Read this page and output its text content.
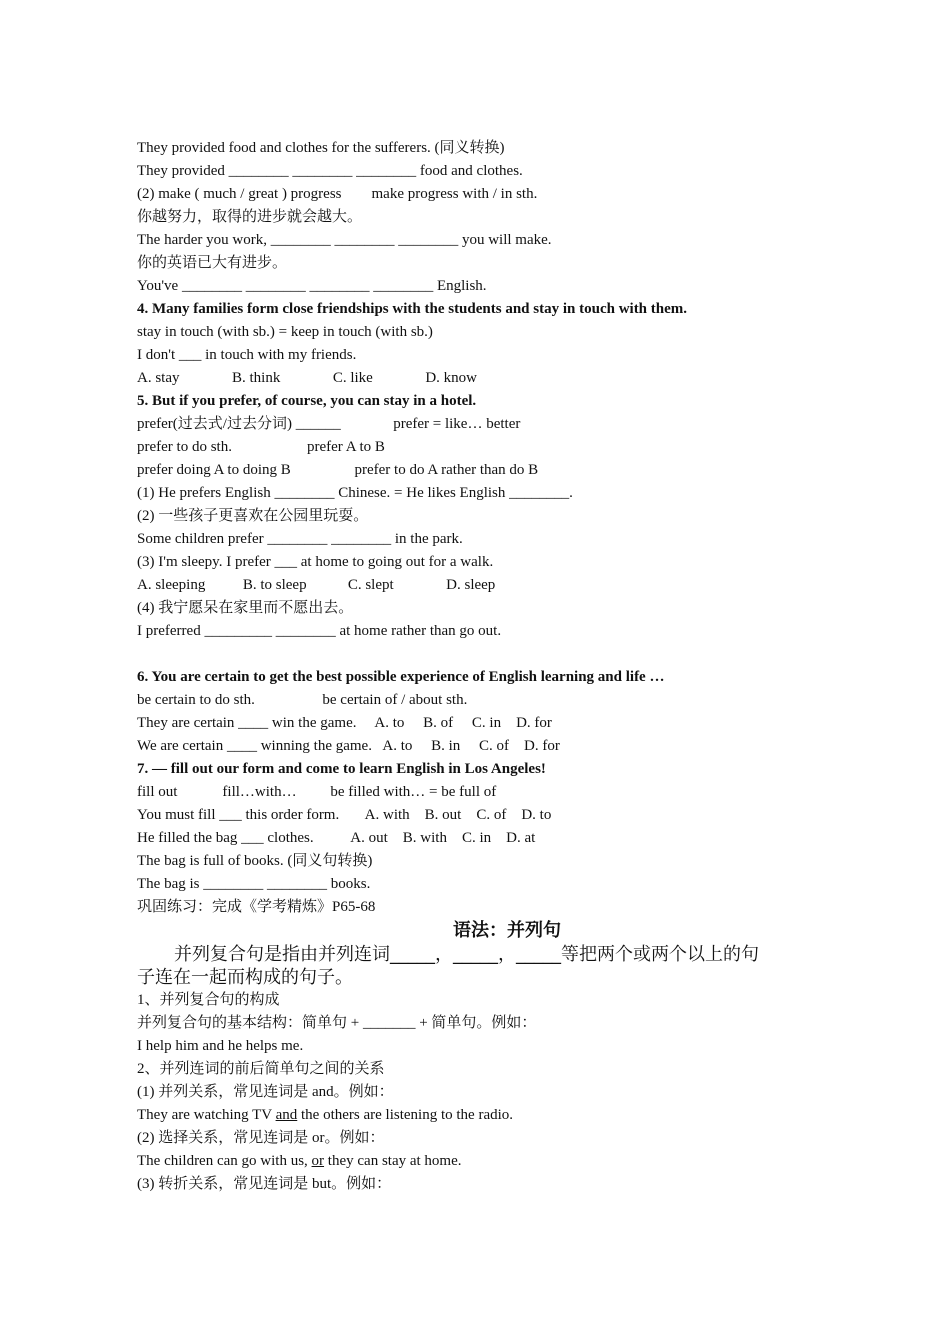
They provided food and clothes for the sufferers. (同义转换)
They provided ________ ________ ________ food and clothes.
(2) make ( much / great ) progress        make progress with / in sth.
你越努力，取得的进步就会越大。
The harder you work, ________ ________ ________ you will make.
你的英语已大有进步。
You've ________ ________ ________ ________ English.
4. Many families form close friendships with the students and stay in touch with them.
stay in touch (with sb.) = keep in touch (with sb.)
I don't ___ in touch with my friends.
A. stay              B. think              C. like              D. know
5. But if you prefer, of course, you can stay in a hotel.
prefer(过去式/过去分词) ______              prefer = like… better
prefer to do sth.                    prefer A to B
prefer doing A to doing B                 prefer to do A rather than do B
(1) He prefers English ________ Chinese. = He likes English ________.
(2) 一些孩子更喜欢在公园里玩耍。
Some children prefer ________ ________ in the park.
(3) I'm sleepy. I prefer ___ at home to going out for a walk.
A. sleeping          B. to sleep           C. slept              D. sleep
(4) 我宁愿呆在家里而不愿出去。
I preferred _________ ________ at home rather than go out.
6. You are certain to get the best possible experience of English learning and life …
be certain to do sth.                  be certain of / about sth.
They are certain ____ win the game.     A. to     B. of     C. in    D. for
We are certain ____ winning the game.   A. to     B. in     C. of    D. for
7. — fill out our form and come to learn English in Los Angeles!
fill out            fill…with…         be filled with… = be full of
You must fill ___ this order form.       A. with    B. out    C. of    D. to
He filled the bag ___ clothes.          A. out    B. with    C. in    D. at
The bag is full of books. (同义句转换)
The bag is ________ ________ books.
巩固练习：完成《学考精炼》P65-68
语法：并列句
并列复合句是指由并列连词_____，_____，_____等把两个或两个以上的句
子连在一起而构成的句子。
1、并列复合句的构成
并列复合句的基本结构：简单句 + _______ + 简单句。例如：
I help him and he helps me.
2、并列连词的前后简单句之间的关系
(1) 并列关系，常见连词是 and。例如：
They are watching TV and the others are listening to the radio.
(2) 选择关系，常见连词是 or。例如：
The children can go with us, or they can stay at home.
(3) 转折关系，常见连词是 but。例如：
